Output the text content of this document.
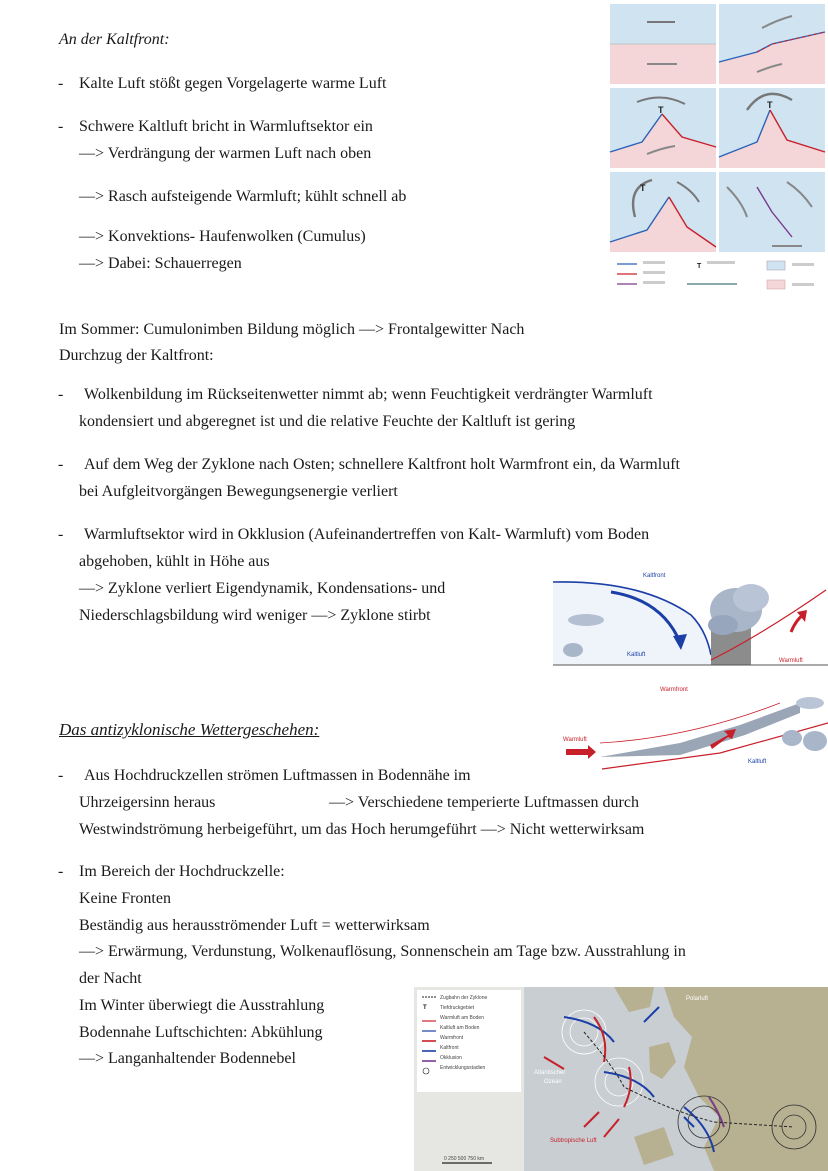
An der Kaltfront:
- Kalte Luft stößt gegen Vorgelagerte warme Luft
- Schwere Kaltluft bricht in Warmluftsektor ein
—> Verdrängung der warmen Luft nach oben
—> Rasch aufsteigende Warmluft; kühlt schnell ab
—> Konvektions- Haufenwolken (Cumulus)
—> Dabei: Schauerregen
Im Sommer: Cumulonimben Bildung möglich —> Frontalgewitter Nach
Durchzug der Kaltfront:
- Wolkenbildung im Rückseitenwetter nimmt ab; wenn Feuchtigkeit verdrängter Warmluft
kondensiert und abgeregnet ist und die relative Feuchte der Kaltluft ist gering
- Auf dem Weg der Zyklone nach Osten; schnellere Kaltfront holt Warmfront ein, da Warmluft
bei Aufgleitvorgängen Bewegungsenergie verliert
- Warmluftsektor wird in Okklusion (Aufeinandertreffen von Kalt- Warmluft) vom Boden
abgehoben, kühlt in Höhe aus
—> Zyklone verliert Eigendynamik, Kondensations- und
Niederschlagsbildung wird weniger —> Zyklone stirbt
Das antizyklonische Wettergeschehen:
- Aus Hochdruckzellen strömen Luftmassen in Bodennähe im
Uhrzeigersinn heraus	—> Verschiedene temperierte Luftmassen durch
Westwindströmung herbeigeführt, um das Hoch herumgeführt —> Nicht wetterwirksam
- Im Bereich der Hochdruckzelle:
Keine Fronten
Beständig aus herausströmender Luft = wetterwirksam
—> Erwärmung, Verdunstung, Wolkenauflösung, Sonnenschein am Tage bzw. Ausstrahlung in
der Nacht
Im Winter überwiegt die Ausstrahlung
Bodennahe Luftschichten: Abkühlung
—> Langanhaltender Bodennebel
T	T
T
T
Kaltfront
Kaltluft
Warmluft
Warmfront
Warmluft
Kaltluft
T
Zugbahn der Zyklone
Tiefdruckgebiet
Warmluft am Boden
Kaltluft am Boden
Warmfront
Kaltfront
Okklusion
Entwicklungsstadien
Polarluft
Atlantischer
Ozean
Subtropische Luft
0 250 500 750 km
